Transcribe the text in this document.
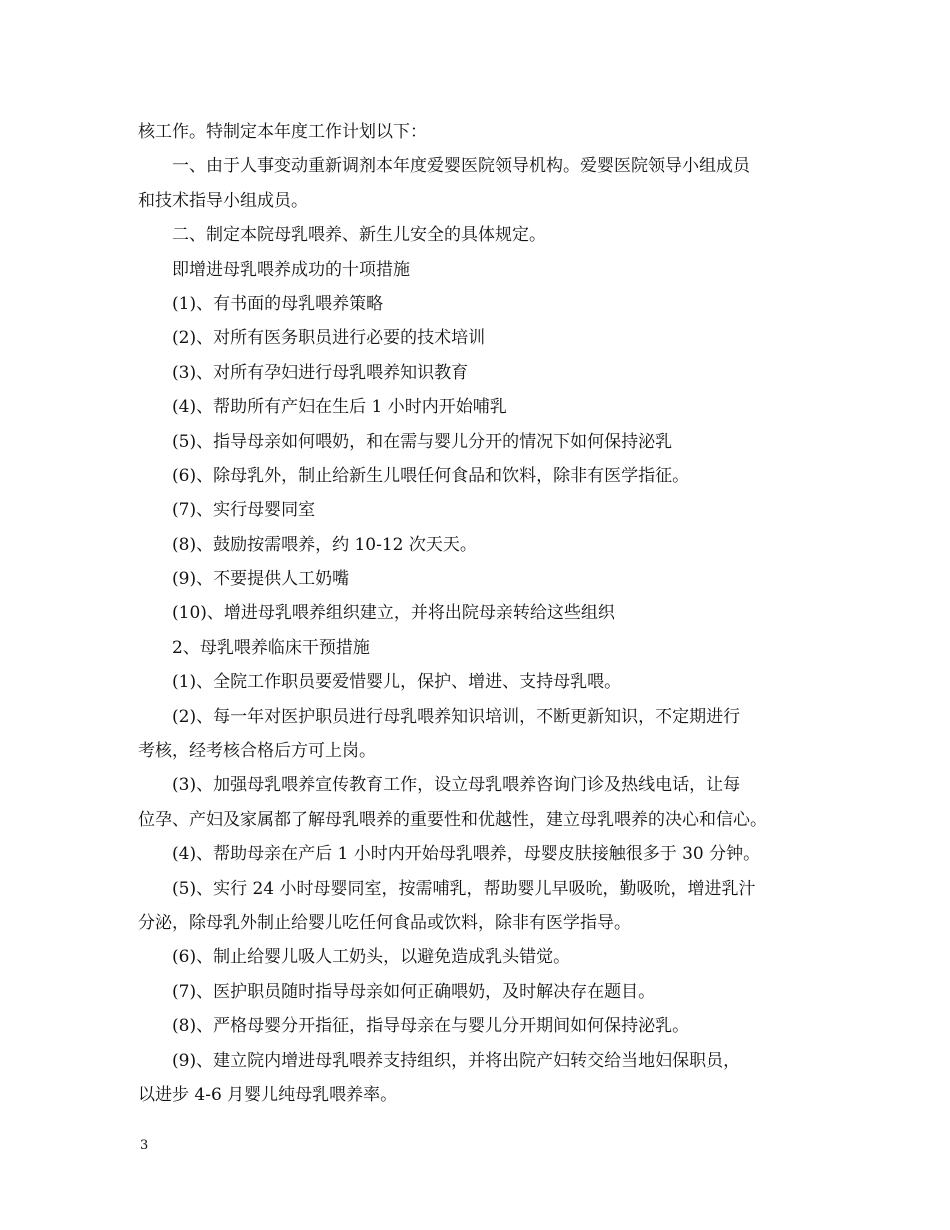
核工作。特制定本年度工作计划以下：
一、由于人事变动重新调剂本年度爱婴医院领导机构。爱婴医院领导小组成员
和技术指导小组成员。
二、制定本院母乳喂养、新生儿安全的具体规定。
即增进母乳喂养成功的十项措施
(1)、有书面的母乳喂养策略
(2)、对所有医务职员进行必要的技术培训
(3)、对所有孕妇进行母乳喂养知识教育
(4)、帮助所有产妇在生后 1 小时内开始哺乳
(5)、指导母亲如何喂奶，和在需与婴儿分开的情况下如何保持泌乳
(6)、除母乳外，制止给新生儿喂任何食品和饮料，除非有医学指征。
(7)、实行母婴同室
(8)、鼓励按需喂养，约 10-12 次天天。
(9)、不要提供人工奶嘴
(10)、增进母乳喂养组织建立，并将出院母亲转给这些组织
2、母乳喂养临床干预措施
(1)、全院工作职员要爱惜婴儿，保护、增进、支持母乳喂。
(2)、每一年对医护职员进行母乳喂养知识培训，不断更新知识，不定期进行
考核，经考核合格后方可上岗。
(3)、加强母乳喂养宣传教育工作，设立母乳喂养咨询门诊及热线电话，让每
位孕、产妇及家属都了解母乳喂养的重要性和优越性，建立母乳喂养的决心和信心。
(4)、帮助母亲在产后 1 小时内开始母乳喂养，母婴皮肤接触很多于 30 分钟。
(5)、实行 24 小时母婴同室，按需哺乳，帮助婴儿早吸吮，勤吸吮，增进乳汁
分泌，除母乳外制止给婴儿吃任何食品或饮料，除非有医学指导。
(6)、制止给婴儿吸人工奶头，以避免造成乳头错觉。
(7)、医护职员随时指导母亲如何正确喂奶，及时解决存在题目。
(8)、严格母婴分开指征，指导母亲在与婴儿分开期间如何保持泌乳。
(9)、建立院内增进母乳喂养支持组织，并将出院产妇转交给当地妇保职员，
以进步 4-6 月婴儿纯母乳喂养率。
3
